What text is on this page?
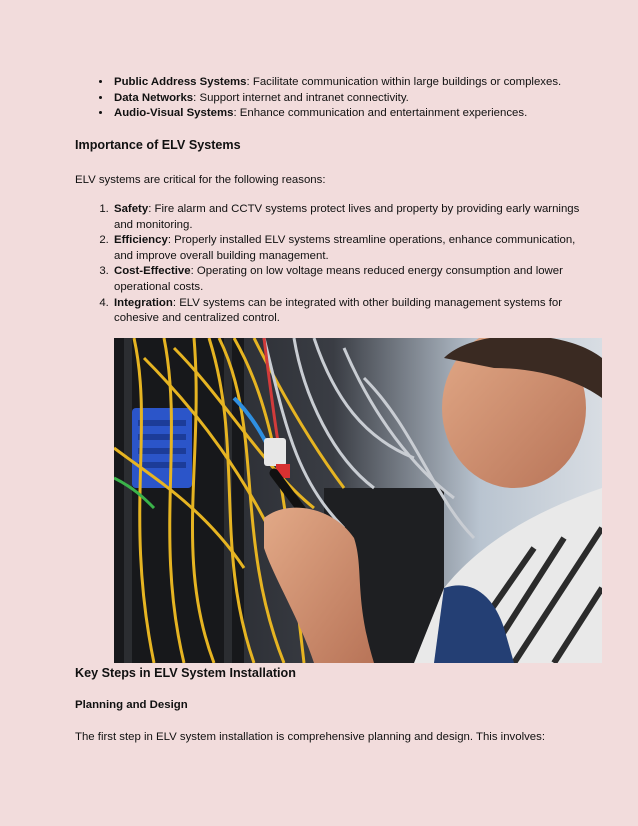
• Public Address Systems: Facilitate communication within large buildings or complexes.
• Data Networks: Support internet and intranet connectivity.
• Audio-Visual Systems: Enhance communication and entertainment experiences.
Importance of ELV Systems

ELV systems are critical for the following reasons:

1. Safety: Fire alarm and CCTV systems protect lives and property by providing early warnings and monitoring.
2. Efficiency: Properly installed ELV systems streamline operations, enhance communication, and improve overall building management.
3. Cost-Effective: Operating on low voltage means reduced energy consumption and lower operational costs.
4. Integration: ELV systems can be integrated with other building management systems for cohesive and centralized control.
Key Steps in ELV System Installation
Planning and Design

The first step in ELV system installation is comprehensive planning and design. This involves:
